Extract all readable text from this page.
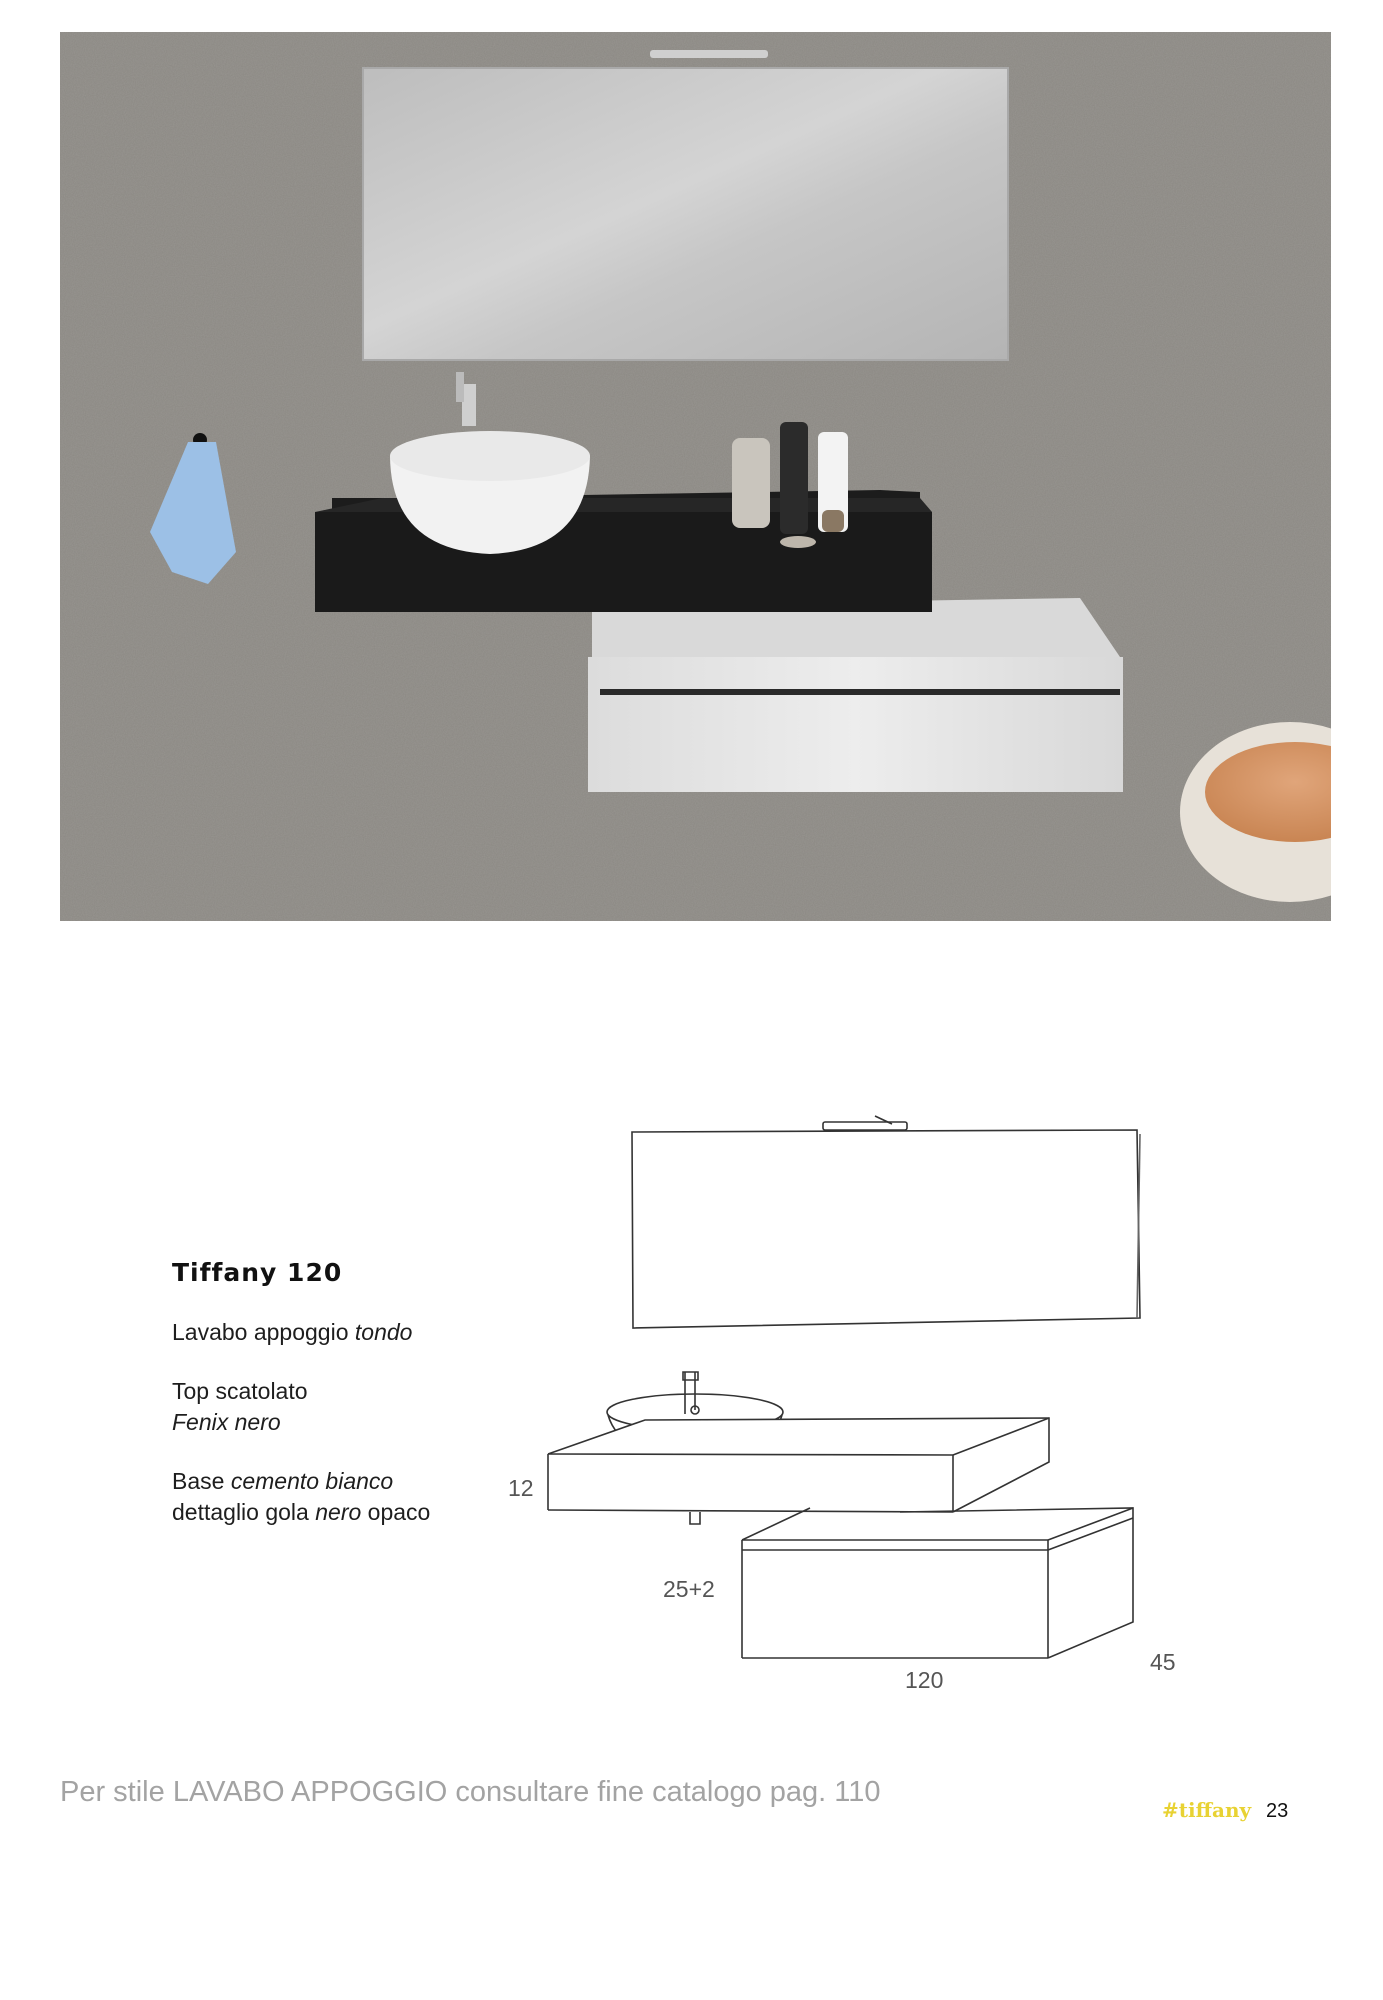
Tiffany 120

Lavabo appoggio tondo

Top scatolato
Fenix nero

Base cemento bianco
dettaglio gola nero opaco

12
25+2
120
45
Per stile LAVABO APPOGGIO consultare fine catalogo pag. 110
#tiffany 23
